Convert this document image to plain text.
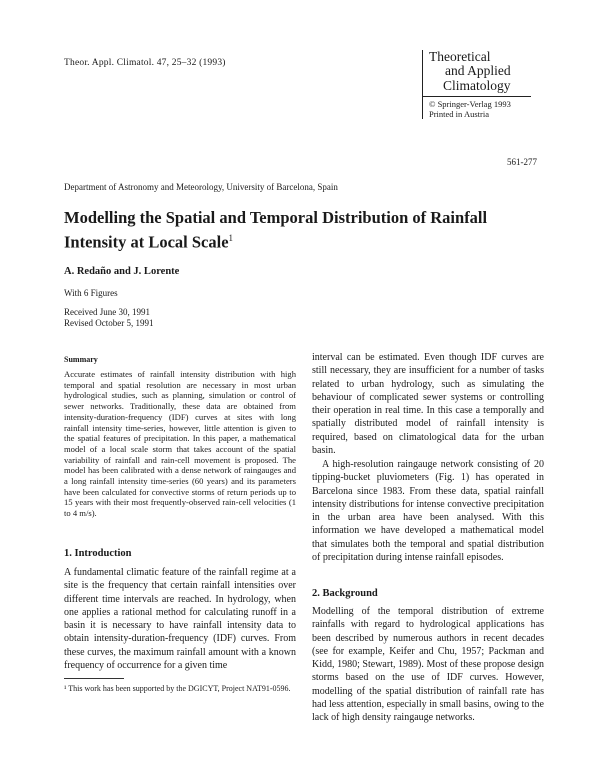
Theor. Appl. Climatol. 47, 25–32 (1993)	Theoretical
and Applied
Climatology
© Springer-Verlag 1993
Printed in Austria
561-277
Department of Astronomy and Meteorology, University of Barcelona, Spain
Modelling the Spatial and Temporal Distribution of Rainfall Intensity at Local Scale$^1$
A. Redaño and J. Lorente
With 6 Figures
Received June 30, 1991
Revised October 5, 1991
Summary
Accurate estimates of rainfall intensity distribution with high temporal and spatial resolution are necessary in most urban hydrological studies, such as planning, simulation or control of sewer networks. Traditionally, these data are obtained from intensity-duration-frequency (IDF) curves at sites with long rainfall intensity time-series, however, little attention is given to the spatial features of precipitation. In this paper, a mathematical model of a local scale storm that takes account of the spatial variability of rainfall and rain-cell movement is proposed. The model has been calibrated with a dense network of raingauges and a long rainfall intensity time-series (60 years) and its parameters have been calculated for convective storms of return periods up to 15 years with their most frequently-observed rain-cell velocities (1 to 4 m/s).
1. Introduction
A fundamental climatic feature of the rainfall regime at a site is the frequency that certain rainfall intensities over different time intervals are reached. In hydrology, when one applies a rational method for calculating runoff in a basin it is necessary to have rainfall intensity data to obtain intensity-duration-frequency (IDF) curves. From these curves, the maximum rainfall amount with a known frequency of occurrence for a given time
¹ This work has been supported by the DGICYT, Project NAT91-0596.
interval can be estimated. Even though IDF curves are still necessary, they are insufficient for a number of tasks related to urban hydrology, such as simulating the behaviour of complicated sewer systems or controlling their operation in real time. In this case a temporally and spatially distributed model of rainfall intensity is required, based on climatological data for the urban basin.

A high-resolution raingauge network consisting of 20 tipping-bucket pluviometers (Fig. 1) has operated in Barcelona since 1983. From these data, spatial rainfall intensity distributions for intense convective precipitation in the urban area have been analysed. With this information we have developed a mathematical model that simulates both the temporal and spatial distribution of precipitation during intense rainfall episodes.

2. Background
Modelling of the temporal distribution of extreme rainfalls with regard to hydrological applications has been described by numerous authors in recent decades (see for example, Keifer and Chu, 1957; Packman and Kidd, 1980; Stewart, 1989). Most of these propose design storms based on the use of IDF curves. However, modelling of the spatial distribution of rainfall rate has had less attention, especially in small basins, owing to the lack of high density raingauge networks.
